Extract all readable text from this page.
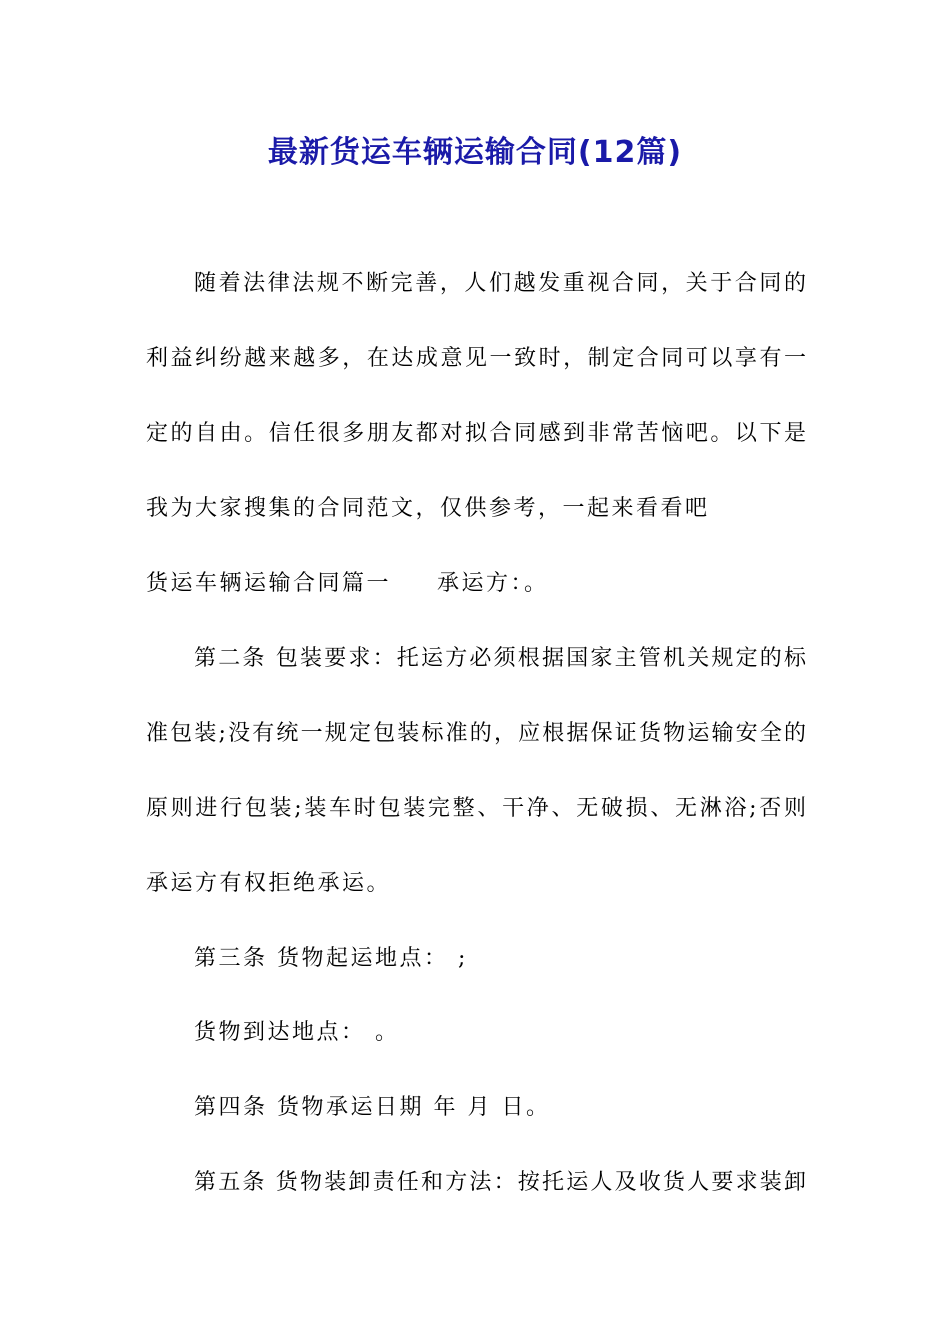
最新货运车辆运输合同(12篇)
随着法律法规不断完善，人们越发重视合同，关于合同的
利益纠纷越来越多，在达成意见一致时，制定合同可以享有一
定的自由。信任很多朋友都对拟合同感到非常苦恼吧。以下是
我为大家搜集的合同范文，仅供参考，一起来看看吧
货运车辆运输合同篇一 承运方：。
第二条 包装要求：托运方必须根据国家主管机关规定的标
准包装;没有统一规定包装标准的，应根据保证货物运输安全的
原则进行包装;装车时包装完整、干净、无破损、无淋浴;否则
承运方有权拒绝承运。
第三条 货物起运地点： ;
货物到达地点： 。
第四条 货物承运日期 年 月 日。
第五条 货物装卸责任和方法：按托运人及收货人要求装卸
